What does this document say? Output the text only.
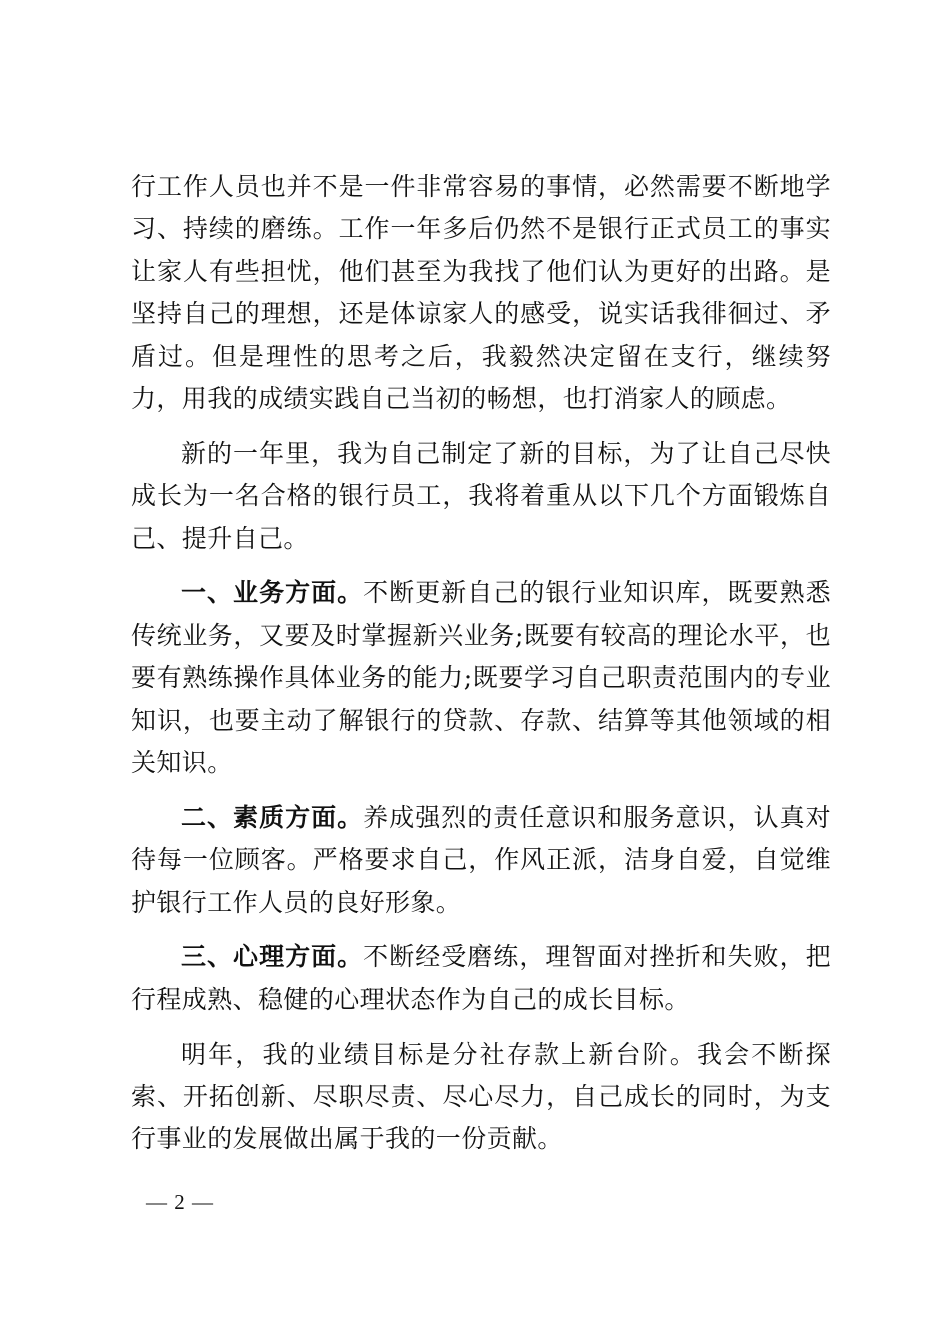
行工作人员也并不是一件非常容易的事情，必然需要不断地学习、持续的磨练。工作一年多后仍然不是银行正式员工的事实让家人有些担忧，他们甚至为我找了他们认为更好的出路。是坚持自己的理想，还是体谅家人的感受，说实话我徘徊过、矛盾过。但是理性的思考之后，我毅然决定留在支行，继续努力，用我的成绩实践自己当初的畅想，也打消家人的顾虑。

新的一年里，我为自己制定了新的目标，为了让自己尽快成长为一名合格的银行员工，我将着重从以下几个方面锻炼自己、提升自己。

一、业务方面。不断更新自己的银行业知识库，既要熟悉传统业务，又要及时掌握新兴业务;既要有较高的理论水平，也要有熟练操作具体业务的能力;既要学习自己职责范围内的专业知识，也要主动了解银行的贷款、存款、结算等其他领域的相关知识。

二、素质方面。养成强烈的责任意识和服务意识，认真对待每一位顾客。严格要求自己，作风正派，洁身自爱，自觉维护银行工作人员的良好形象。

三、心理方面。不断经受磨练，理智面对挫折和失败，把行程成熟、稳健的心理状态作为自己的成长目标。

明年，我的业绩目标是分社存款上新台阶。我会不断探索、开拓创新、尽职尽责、尽心尽力，自己成长的同时，为支行事业的发展做出属于我的一份贡献。

— 2 —
